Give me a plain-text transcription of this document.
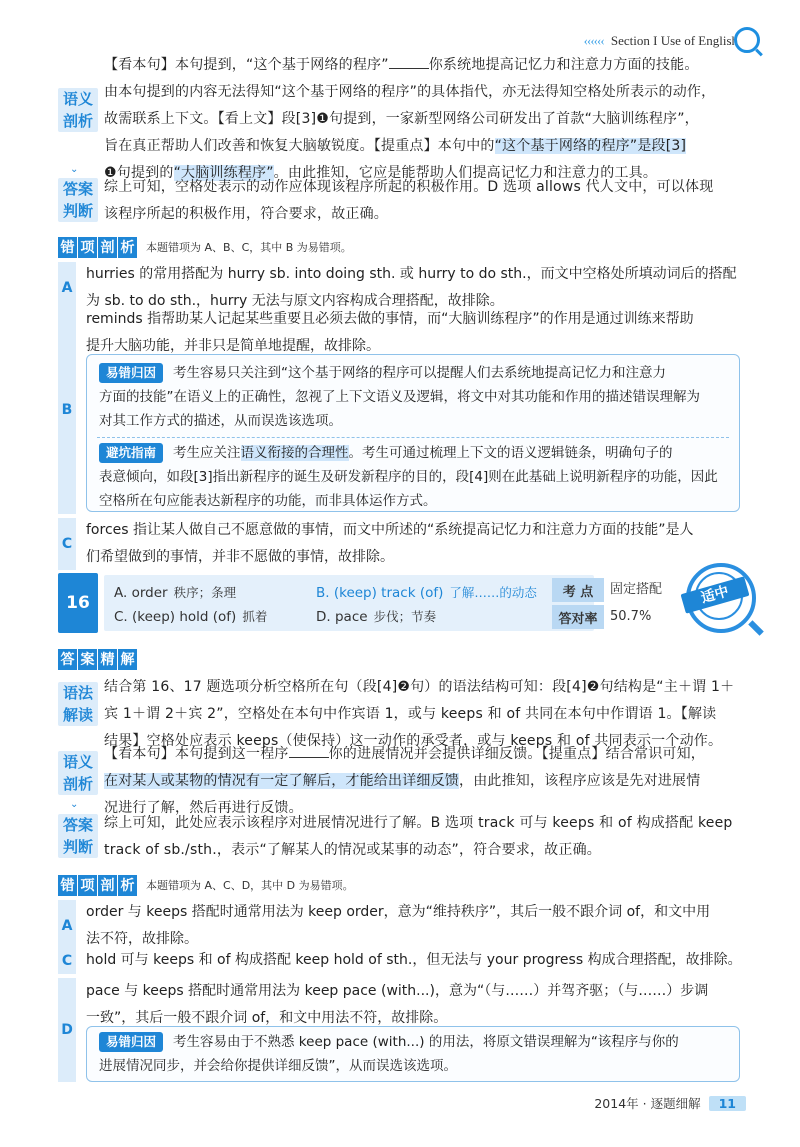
‹‹‹‹‹‹ Section I Use of English
语义
剖析
⌄
【看本句】本句提到，“这个基于网络的程序”	你系统地提高记忆力和注意力方面的技能。
由本句提到的内容无法得知“这个基于网络的程序”的具体指代，亦无法得知空格处所表示的动作，
故需联系上下文。【看上文】段[3]❶句提到，一家新型网络公司研发出了首款“大脑训练程序”，
旨在真正帮助人们改善和恢复大脑敏锐度。【提重点】本句中的“这个基于网络的程序”是段[3]
❶句提到的“大脑训练程序”。由此推知，它应是能帮助人们提高记忆力和注意力的工具。
答案
判断
综上可知，空格处表示的动作应体现该程序所起的积极作用。D 选项 allows 代人文中，可以体现
该程序所起的积极作用，符合要求，故正确。
错 项 剖 析 本题错项为 A、B、C，其中 B 为易错项。
A
hurries 的常用搭配为 hurry sb. into doing sth. 或 hurry to do sth.，而文中空格处所填动词后的搭配
为 sb. to do sth.，hurry 无法与原文内容构成合理搭配，故排除。
B
reminds 指帮助某人记起某些重要且必须去做的事情，而“大脑训练程序”的作用是通过训练来帮助
提升大脑功能，并非只是简单地提醒，故排除。
易错归因 考生容易只关注到“这个基于网络的程序可以提醒人们去系统地提高记忆力和注意力
方面的技能”在语义上的正确性，忽视了上下文语义及逻辑，将文中对其功能和作用的描述错误理解为
对其工作方式的描述，从而误选该选项。
避坑指南 考生应关注语义衔接的合理性。考生可通过梳理上下文的语义逻辑链条，明确句子的
表意倾向，如段[3]指出新程序的诞生及研发新程序的目的，段[4]则在此基础上说明新程序的功能，因此
空格所在句应能表达新程序的功能，而非具体运作方式。
C
forces 指让某人做自己不愿意做的事情，而文中所述的“系统提高记忆力和注意力方面的技能”是人
们希望做到的事情，并非不愿做的事情，故排除。
16	A. order 秩序；条理	B. (keep) track (of) 了解……的动态
C. (keep) hold (of) 抓着	D. pace 步伐；节奏
考 点	固定搭配
答对率 50.7%
适中
答 案 精 解
语法
解读
结合第 16、17 题选项分析空格所在句（段[4]❷句）的语法结构可知：段[4]❷句结构是“主＋谓 1＋
宾 1＋谓 2＋宾 2”，空格处在本句中作宾语 1，或与 keeps 和 of 共同在本句中作谓语 1。【解读
结果】空格处应表示 keeps（使保持）这一动作的承受者，或与 keeps 和 of 共同表示一个动作。
语义
剖析
⌄
【看本句】本句提到这一程序	你的进展情况并会提供详细反馈。【提重点】结合常识可知，
在对某人或某物的情况有一定了解后，才能给出详细反馈，由此推知，该程序应该是先对进展情
况进行了解，然后再进行反馈。
答案
判断
综上可知，此处应表示该程序对进展情况进行了解。B 选项 track 可与 keeps 和 of 构成搭配 keep
track of sb./sth.，表示“了解某人的情况或某事的动态”，符合要求，故正确。
错 项 剖 析 本题错项为 A、C、D，其中 D 为易错项。
A
order 与 keeps 搭配时通常用法为 keep order，意为“维持秩序”，其后一般不跟介词 of，和文中用
法不符，故排除。
C hold 可与 keeps 和 of 构成搭配 keep hold of sth.，但无法与 your progress 构成合理搭配，故排除。
D
pace 与 keeps 搭配时通常用法为 keep pace (with...)，意为“（与……）并驾齐驱；（与……）步调
一致”，其后一般不跟介词 of，和文中用法不符，故排除。
易错归因 考生容易由于不熟悉 keep pace (with...) 的用法，将原文错误理解为“该程序与你的
进展情况同步，并会给你提供详细反馈”，从而误选该选项。
2014年 · 逐题细解	11
